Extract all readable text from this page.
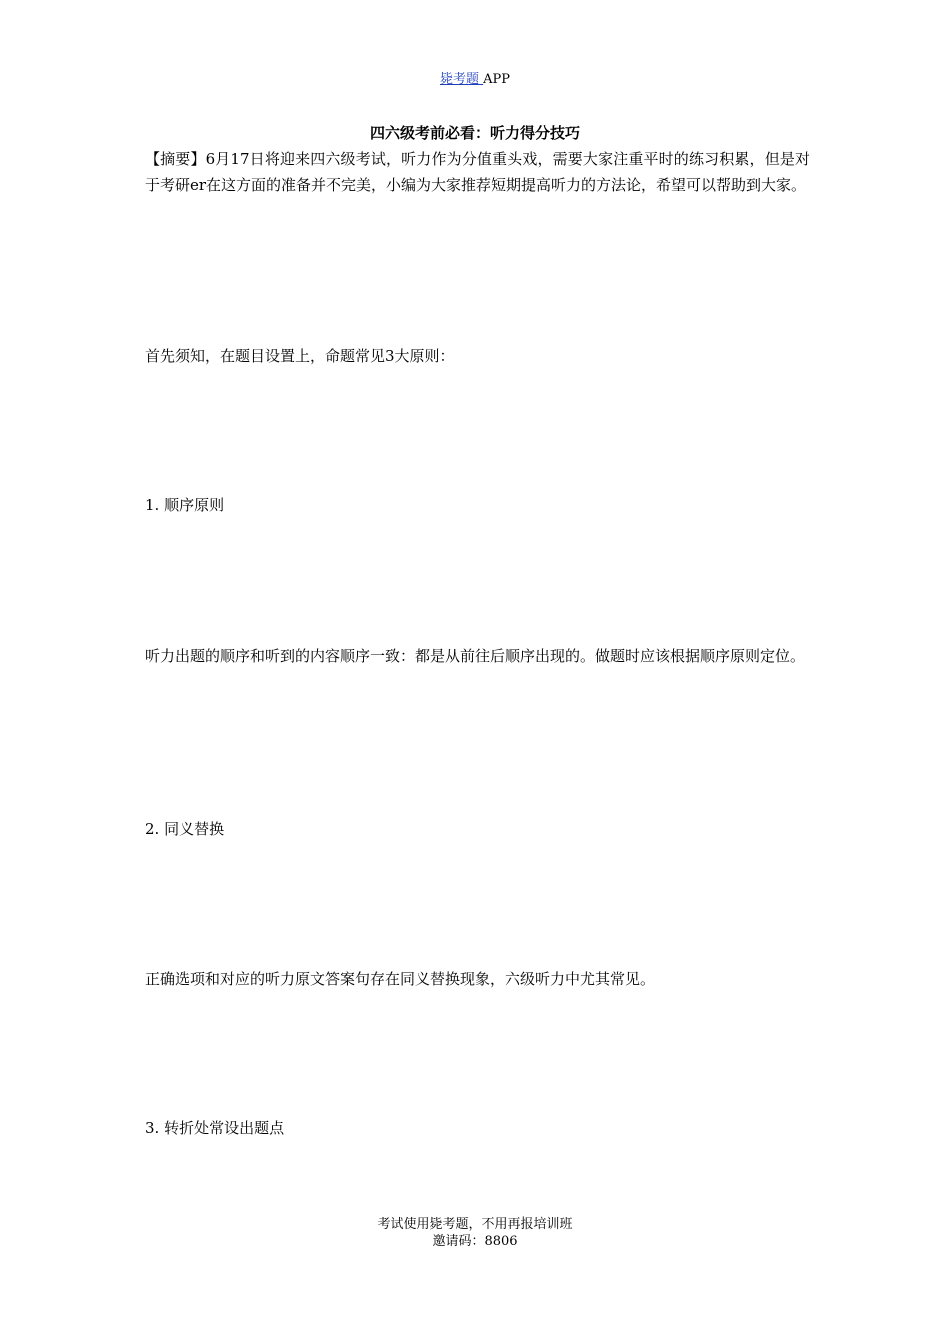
毙考题 APP
四六级考前必看：听力得分技巧
【摘要】6月17日将迎来四六级考试，听力作为分值重头戏，需要大家注重平时的练习积累，但是对于考研er在这方面的准备并不完美，小编为大家推荐短期提高听力的方法论，希望可以帮助到大家。
首先须知，在题目设置上，命题常见3大原则：
1. 顺序原则
听力出题的顺序和听到的内容顺序一致：都是从前往后顺序出现的。做题时应该根据顺序原则定位。
2. 同义替换
正确选项和对应的听力原文答案句存在同义替换现象，六级听力中尤其常见。
3. 转折处常设出题点
考试使用毙考题，不用再报培训班
邀请码：8806
